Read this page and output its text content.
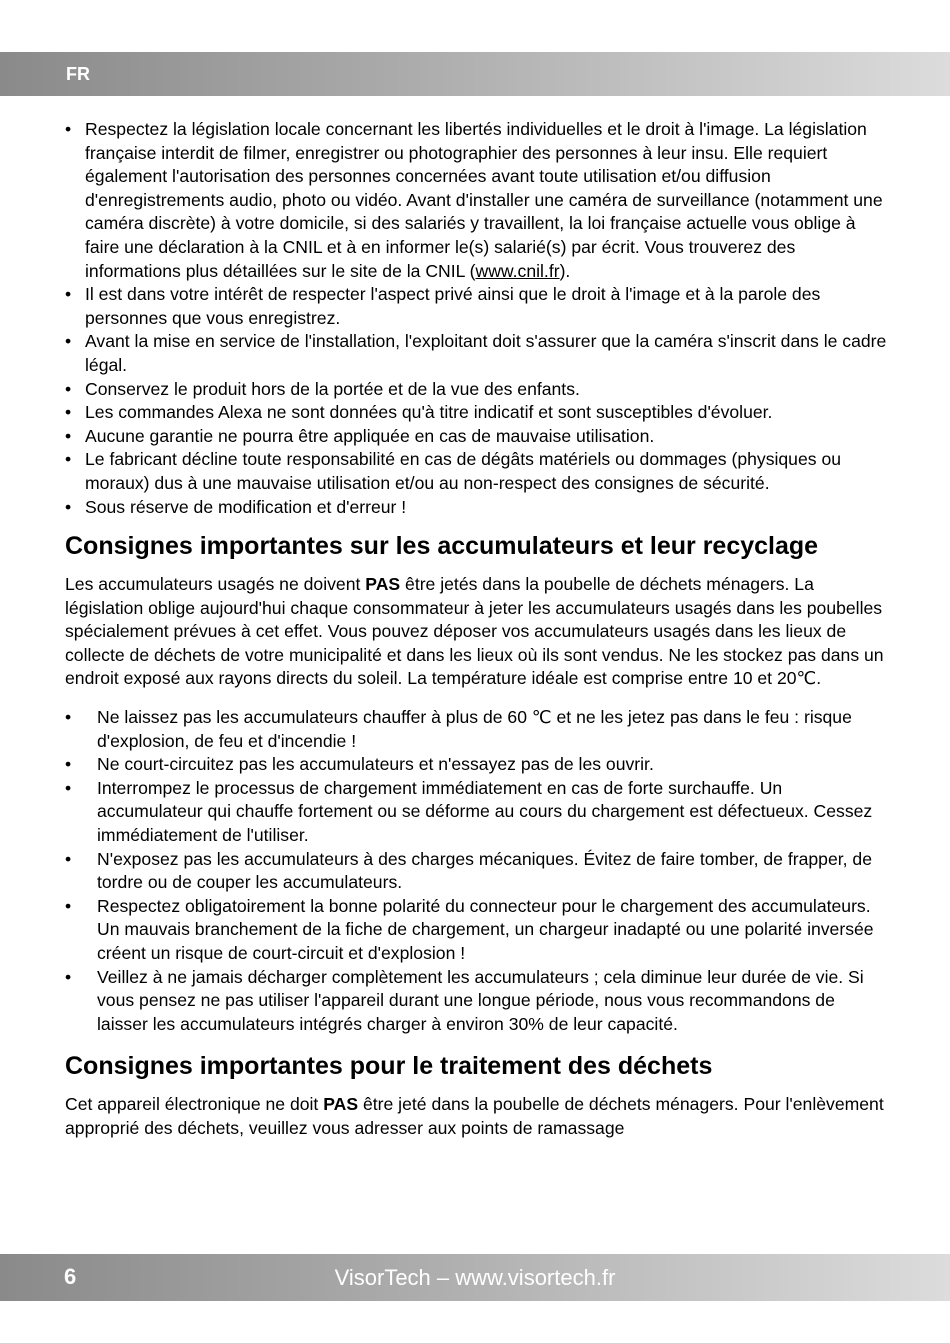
FR
• Respectez la législation locale concernant les libertés individuelles et le droit à l'image. La législation française interdit de filmer, enregistrer ou photographier des personnes à leur insu. Elle requiert également l'autorisation des personnes concernées avant toute utilisation et/ou diffusion d'enregistrements audio, photo ou vidéo. Avant d'installer une caméra de surveillance (notamment une caméra discrète) à votre domicile, si des salariés y travaillent, la loi française actuelle vous oblige à faire une déclaration à la CNIL et à en informer le(s) salarié(s) par écrit. Vous trouverez des informations plus détaillées sur le site de la CNIL (www.cnil.fr).
• Il est dans votre intérêt de respecter l'aspect privé ainsi que le droit à l'image et à la parole des personnes que vous enregistrez.
• Avant la mise en service de l'installation, l'exploitant doit s'assurer que la caméra s'inscrit dans le cadre légal.
• Conservez le produit hors de la portée et de la vue des enfants.
• Les commandes Alexa ne sont données qu'à titre indicatif et sont susceptibles d'évoluer.
• Aucune garantie ne pourra être appliquée en cas de mauvaise utilisation.
• Le fabricant décline toute responsabilité en cas de dégâts matériels ou dommages (physiques ou moraux) dus à une mauvaise utilisation et/ou au non-respect des consignes de sécurité.
• Sous réserve de modification et d'erreur !
Consignes importantes sur les accumulateurs et leur recyclage

Les accumulateurs usagés ne doivent PAS être jetés dans la poubelle de déchets ménagers. La législation oblige aujourd'hui chaque consommateur à jeter les accumulateurs usagés dans les poubelles spécialement prévues à cet effet. Vous pouvez déposer vos accumulateurs usagés dans les lieux de collecte de déchets de votre municipalité et dans les lieux où ils sont vendus. Ne les stockez pas dans un endroit exposé aux rayons directs du soleil. La température idéale est comprise entre 10 et 20℃.

• Ne laissez pas les accumulateurs chauffer à plus de 60 ℃ et ne les jetez pas dans le feu : risque d'explosion, de feu et d'incendie !
• Ne court-circuitez pas les accumulateurs et n'essayez pas de les ouvrir.
• Interrompez le processus de chargement immédiatement en cas de forte surchauffe. Un accumulateur qui chauffe fortement ou se déforme au cours du chargement est défectueux. Cessez immédiatement de l'utiliser.
• N'exposez pas les accumulateurs à des charges mécaniques. Évitez de faire tomber, de frapper, de tordre ou de couper les accumulateurs.
• Respectez obligatoirement la bonne polarité du connecteur pour le chargement des accumulateurs. Un mauvais branchement de la fiche de chargement, un chargeur inadapté ou une polarité inversée créent un risque de court-circuit et d'explosion !
• Veillez à ne jamais décharger complètement les accumulateurs ; cela diminue leur durée de vie. Si vous pensez ne pas utiliser l'appareil durant une longue période, nous vous recommandons de laisser les accumulateurs intégrés charger à environ 30% de leur capacité.
Consignes importantes pour le traitement des déchets

Cet appareil électronique ne doit PAS être jeté dans la poubelle de déchets ménagers. Pour l'enlèvement approprié des déchets, veuillez vous adresser aux points de ramassage

6	VisorTech – www.visortech.fr
